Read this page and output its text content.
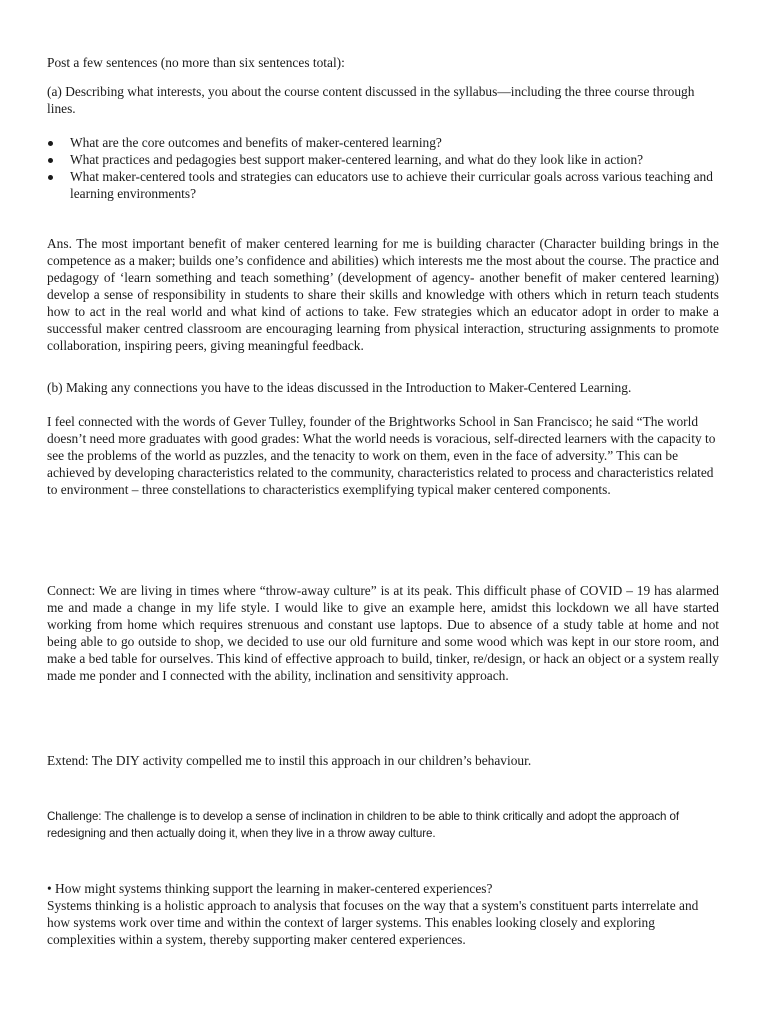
Post a few sentences (no more than six sentences total):

(a) Describing what interests, you about the course content discussed in the syllabus—including the three course through lines.

What are the core outcomes and benefits of maker-centered learning?
What practices and pedagogies best support maker-centered learning, and what do they look like in action?
What maker-centered tools and strategies can educators use to achieve their curricular goals across various teaching and learning environments?

Ans. The most important benefit of maker centered learning for me is building character (Character building brings in the competence as a maker; builds one’s confidence and abilities) which interests me the most about the course. The practice and pedagogy of ‘learn something and teach something’ (development of agency- another benefit of maker centered learning) develop a sense of responsibility in students to share their skills and knowledge with others which in return teach students how to act in the real world and what kind of actions to take. Few strategies which an educator adopt in order to make a successful maker centred classroom are encouraging learning from physical interaction, structuring assignments to promote collaboration, inspiring peers, giving meaningful feedback.

(b) Making any connections you have to the ideas discussed in the Introduction to Maker-Centered Learning.

I feel connected with the words of Gever Tulley, founder of the Brightworks School in San Francisco; he said “The world doesn’t need more graduates with good grades: What the world needs is voracious, self-directed learners with the capacity to see the problems of the world as puzzles, and the tenacity to work on them, even in the face of adversity.” This can be achieved by developing characteristics related to the community, characteristics related to process and characteristics related to environment – three constellations to characteristics exemplifying typical maker centered components.

Connect: We are living in times where “throw-away culture” is at its peak. This difficult phase of COVID – 19 has alarmed me and made a change in my life style. I would like to give an example here, amidst this lockdown we all have started working from home which requires strenuous and constant use laptops. Due to absence of a study table at home and not being able to go outside to shop, we decided to use our old furniture and some wood which was kept in our store room, and make a bed table for ourselves. This kind of effective approach to build, tinker, re/design, or hack an object or a system really made me ponder and I connected with the ability, inclination and sensitivity approach.

Extend: The DIY activity compelled me to instil this approach in our children’s behaviour.

Challenge: The challenge is to develop a sense of inclination in children to be able to think critically and adopt the approach of redesigning and then actually doing it, when they live in a throw away culture.

• How might systems thinking support the learning in maker-centered experiences?

Systems thinking is a holistic approach to analysis that focuses on the way that a system's constituent parts interrelate and how systems work over time and within the context of larger systems. This enables looking closely and exploring complexities within a system, thereby supporting maker centered experiences.
